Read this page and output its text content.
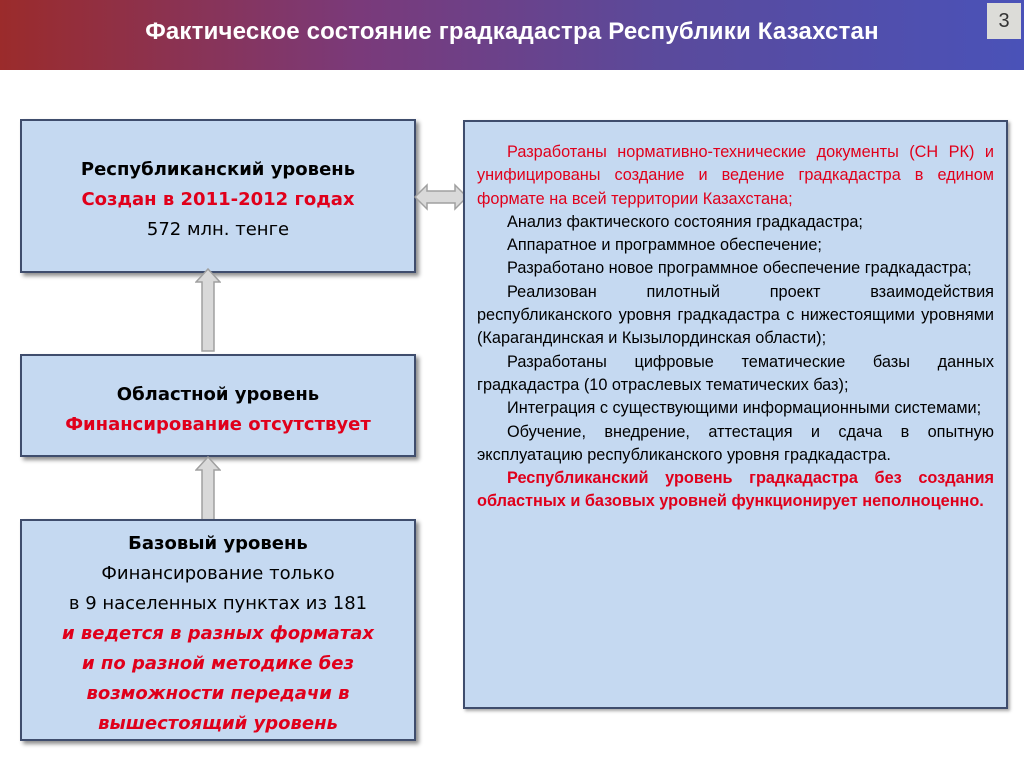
Фактическое состояние градкадастра Республики Казахстан	3
Республиканский уровень
Создан в 2011-2012 годах
572 млн. тенге
Областной уровень
Финансирование отсутствует
Базовый уровень
Финансирование только
в 9 населенных пунктах из 181
и ведется в разных форматах
и по разной методике без
возможности передачи в
вышестоящий уровень

Разработаны нормативно-технические документы (СН РК) и унифицированы создание и ведение градкадастра в едином формате на всей территории Казахстана;

Анализ фактического состояния градкадастра;

Аппаратное и программное обеспечение;

Разработано новое программное обеспечение градкадастра;

Реализован пилотный проект взаимодействия республиканского уровня градкадастра с нижестоящими уровнями (Карагандинская и Кызылординская области);

Разработаны цифровые тематические базы данных градкадастра (10 отраслевых тематических баз);

Интеграция с существующими информационными системами;

Обучение, внедрение, аттестация и сдача в опытную эксплуатацию республиканского уровня градкадастра.

Республиканский уровень градкадастра без создания областных и базовых уровней функционирует неполноценно.
